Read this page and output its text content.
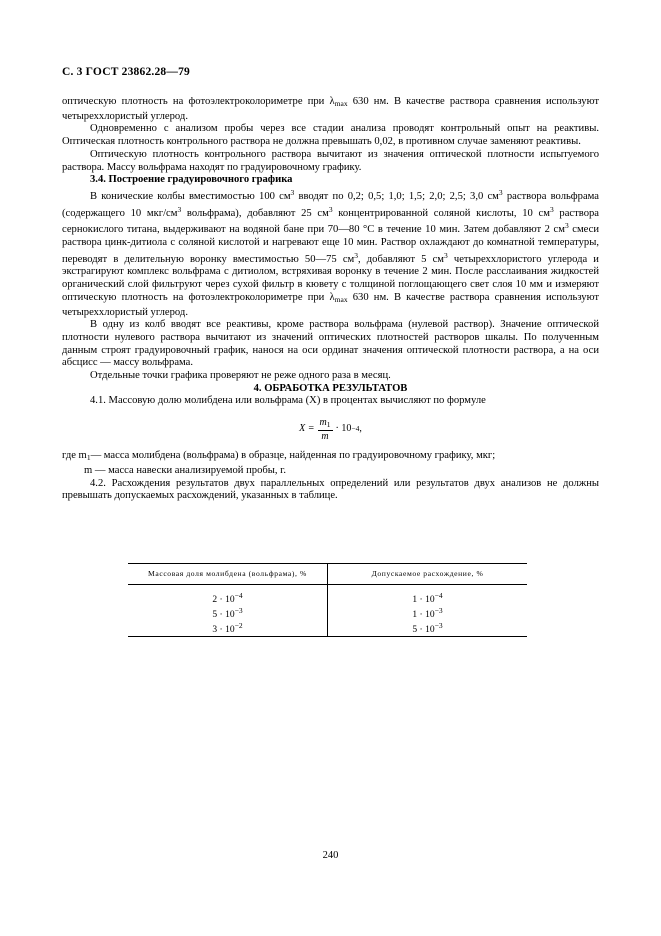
С. 3 ГОСТ 23862.28—79

оптическую плотность на фотоэлектроколориметре при $\lambda_{max}$ 630 нм. В качестве раствора сравнения используют четыреххлористый углерод.

Одновременно с анализом пробы через все стадии анализа проводят контрольный опыт на реактивы. Оптическая плотность контрольного раствора не должна превышать 0,02, в противном случае заменяют реактивы.

Оптическую плотность контрольного раствора вычитают из значения оптической плотности испытуемого раствора. Массу вольфрама находят по градуировочному графику.

3.4. Построение градуировочного графика

В конические колбы вместимостью 100 $см^3$ вводят по 0,2; 0,5; 1,0; 1,5; 2,0; 2,5; 3,0 $см^3$ раствора вольфрама (содержащего 10 мкг/$см^3$ вольфрама), добавляют 25 $см^3$ концентрированной соляной кислоты, 10 $см^3$ раствора сернокислого титана, выдерживают на водяной бане при 70—80 °С в течение 10 мин. Затем добавляют 2 $см^3$ смеси раствора цинк-дитиола с соляной кислотой и нагревают еще 10 мин. Раствор охлаждают до комнатной температуры, переводят в делительную воронку вместимостью 50—75 $см^3$, добавляют 5 $см^3$ четыреххлористого углерода и экстрагируют комплекс вольфрама с дитиолом, встряхивая воронку в течение 2 мин. После расслаивания жидкостей органический слой фильтруют через сухой фильтр в кювету с толщиной поглощающего свет слоя 10 мм и измеряют оптическую плотность на фотоэлектроколориметре при $\lambda_{max}$ 630 нм. В качестве раствора сравнения используют четыреххлористый углерод.

В одну из колб вводят все реактивы, кроме раствора вольфрама (нулевой раствор). Значение оптической плотности нулевого раствора вычитают из значений оптических плотностей растворов шкалы. По полученным данным строят градуировочный график, нанося на оси ординат значения оптической плотности раствора, а на оси абсцисс — массу вольфрама.

Отдельные точки графика проверяют не реже одного раза в месяц.

4. ОБРАБОТКА РЕЗУЛЬТАТОВ

4.1. Массовую долю молибдена или вольфрама (X) в процентах вычисляют по формуле

$X = \frac{m_1}{m} \cdot 10 -4$ ,

где $m_1—$ масса молибдена (вольфрама) в образце, найденная по градуировочному графику, мкг;

m — масса навески анализируемой пробы, г.

4.2. Расхождения результатов двух параллельных определений или результатов двух анализов не должны превышать допускаемых расхождений, указанных в таблице.

Массовая доля молибдена (вольфрама), %	Допускаемое расхождение, %
$2 \cdot 10^{-4}$	$1 \cdot 10^{-4}$
$5 \cdot 10^{-3}$	$1 \cdot 10^{-3}$
$3 \cdot 10^{-2}$	$5 \cdot 10^{-3}$
240
